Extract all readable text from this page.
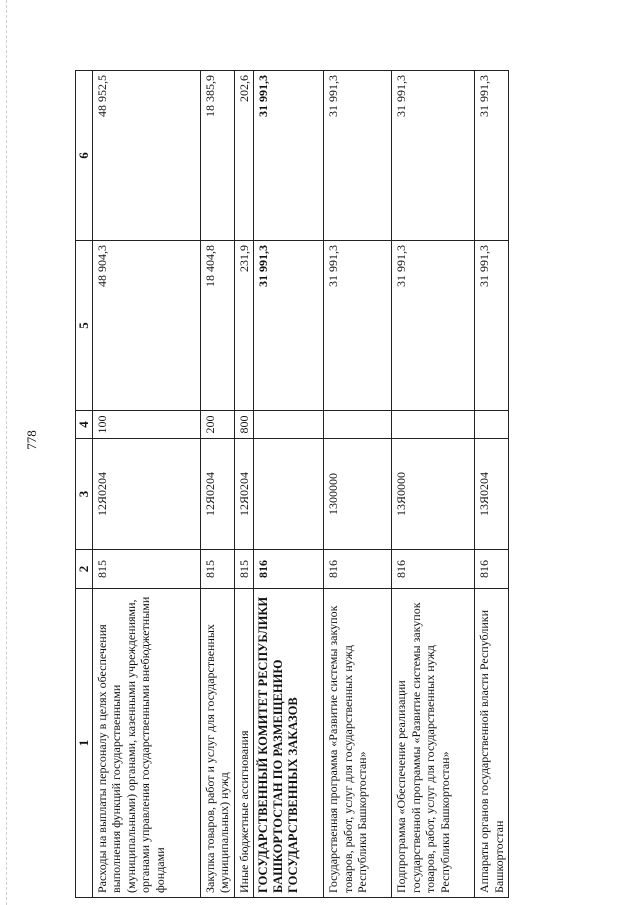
778
1	2	3	4	5	6
Расходы на выплаты персоналу в целях обеспечения выполнения функций государственными (муниципальными) органами, казенными учреждениями, органами управления государственными внебюджетными фондами	815	12Я0204	100	48 904,3	48 952,5
Закупка товаров, работ и услуг для государственных (муниципальных) нужд	815	12Я0204	200	18 404,8	18 385,9
Иные бюджетные ассигнования	815	12Я0204	800	231,9	202,6
ГОСУДАРСТВЕННЫЙ КОМИТЕТ РЕСПУБЛИКИ БАШКОРТОСТАН ПО РАЗМЕЩЕНИЮ ГОСУДАРСТВЕННЫХ ЗАКАЗОВ	816			31 991,3	31 991,3
Государственная программа «Развитие системы закупок товаров, работ, услуг для государственных нужд Республики Башкортостан»	816	1300000		31 991,3	31 991,3
Подпрограмма «Обеспечение реализации государственной программы «Развитие системы закупок товаров, работ, услуг для государственных нужд Республики Башкортостан»	816	13Я0000		31 991,3	31 991,3
Аппараты органов государственной власти Республики Башкортостан	816	13Я0204		31 991,3	31 991,3
